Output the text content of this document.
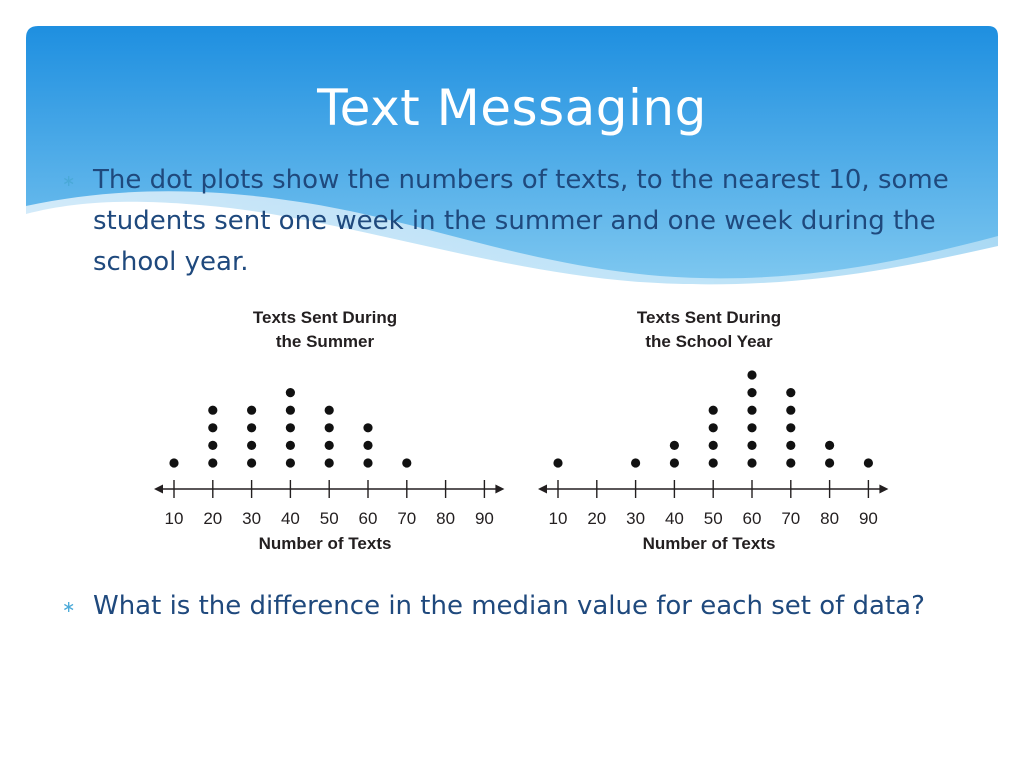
Text Messaging
∗ The dot plots show the numbers of texts, to the nearest 10, some students sent one week in the summer and one week during the school year.
10 20 30 40 50 60 70 80 90
Texts Sent During
the Summer
Number of Texts
10 20 30 40 50 60 70 80 90
Texts Sent During
the School Year
Number of Texts
∗ What is the difference in the median value for each set of data?
